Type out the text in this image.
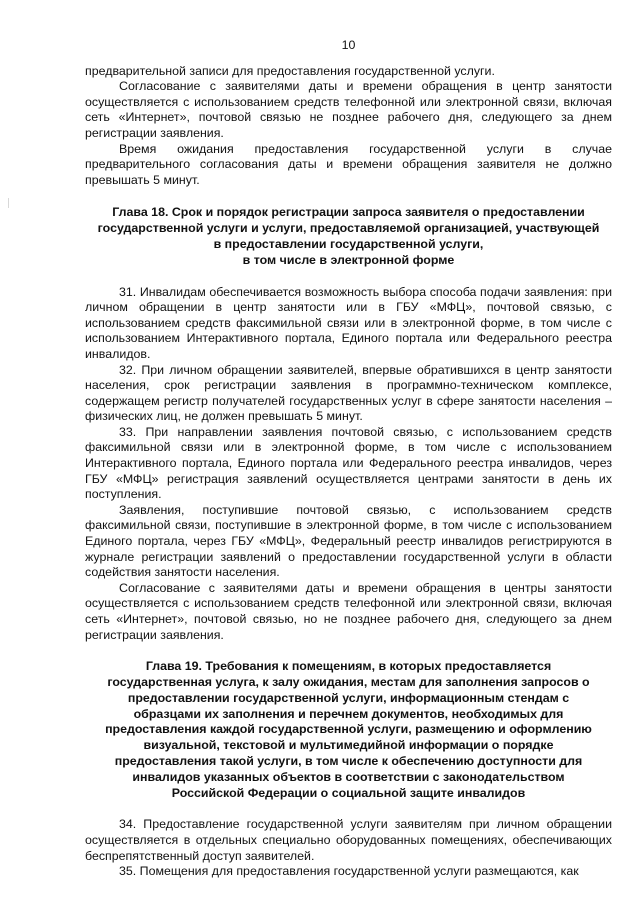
10

предварительной записи для предоставления государственной услуги.

Согласование с заявителями даты и времени обращения в центр занятости осуществляется с использованием средств телефонной или электронной связи, включая сеть «Интернет», почтовой связью не позднее рабочего дня, следующего за днем регистрации заявления.

Время ожидания предоставления государственной услуги в случае предварительного согласования даты и времени обращения заявителя не должно превышать 5 минут.

Глава 18. Срок и порядок регистрации запроса заявителя о предоставлении
государственной услуги и услуги, предоставляемой организацией, участвующей
в предоставлении государственной услуги,
в том числе в электронной форме

31. Инвалидам обеспечивается возможность выбора способа подачи заявления: при личном обращении в центр занятости или в ГБУ «МФЦ», почтовой связью, с использованием средств факсимильной связи или в электронной форме, в том числе с использованием Интерактивного портала, Единого портала или Федерального реестра инвалидов.

32. При личном обращении заявителей, впервые обратившихся в центр занятости населения, срок регистрации заявления в программно-техническом комплексе, содержащем регистр получателей государственных услуг в сфере занятости населения – физических лиц, не должен превышать 5 минут.

33. При направлении заявления почтовой связью, с использованием средств факсимильной связи или в электронной форме, в том числе с использованием Интерактивного портала, Единого портала или Федерального реестра инвалидов, через ГБУ «МФЦ» регистрация заявлений осуществляется центрами занятости в день их поступления.

Заявления, поступившие почтовой связью, с использованием средств факсимильной связи, поступившие в электронной форме, в том числе с использованием Единого портала, через ГБУ «МФЦ», Федеральный реестр инвалидов регистрируются в журнале регистрации заявлений о предоставлении государственной услуги в области содействия занятости населения.

Согласование с заявителями даты и времени обращения в центры занятости осуществляется с использованием средств телефонной или электронной связи, включая сеть «Интернет», почтовой связью, но не позднее рабочего дня, следующего за днем регистрации заявления.

Глава 19. Требования к помещениям, в которых предоставляется государственная услуга, к залу ожидания, местам для заполнения запросов о предоставлении государственной услуги, информационным стендам с образцами их заполнения и перечнем документов, необходимых для предоставления каждой государственной услуги, размещению и оформлению визуальной, текстовой и мультимедийной информации о порядке предоставления такой услуги, в том числе к обеспечению доступности для инвалидов указанных объектов в соответствии с законодательством Российской Федерации о социальной защите инвалидов

34. Предоставление государственной услуги заявителям при личном обращении осуществляется в отдельных специально оборудованных помещениях, обеспечивающих беспрепятственный доступ заявителей.

35. Помещения для предоставления государственной услуги размещаются, как
